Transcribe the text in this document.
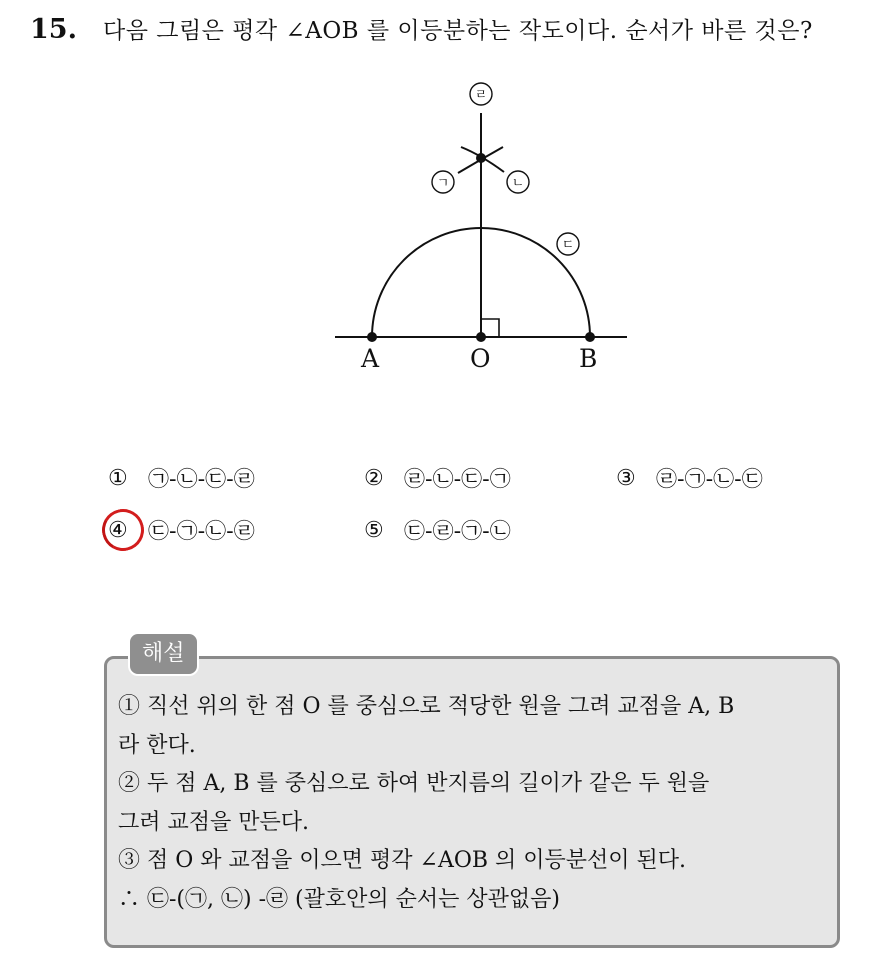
15. 다음 그림은 평각 ∠AOB 를 이등분하는 작도이다. 순서가 바른 것은?
A	O	B
ㄹ
ㄱ	ㄴ
ㄷ
① ㉠-㉡-㉢-㉣	② ㉣-㉡-㉢-㉠	③ ㉣-㉠-㉡-㉢
④ ㉢-㉠-㉡-㉣	⑤ ㉢-㉣-㉠-㉡
해설
① 직선 위의 한 점 O 를 중심으로 적당한 원을 그려 교점을 A, B
라 한다.
② 두 점 A, B 를 중심으로 하여 반지름의 길이가 같은 두 원을
그려 교점을 만든다.
③ 점 O 와 교점을 이으면 평각 ∠AOB 의 이등분선이 된다.
∴ ㉢-(㉠, ㉡) -㉣ (괄호안의 순서는 상관없음)
